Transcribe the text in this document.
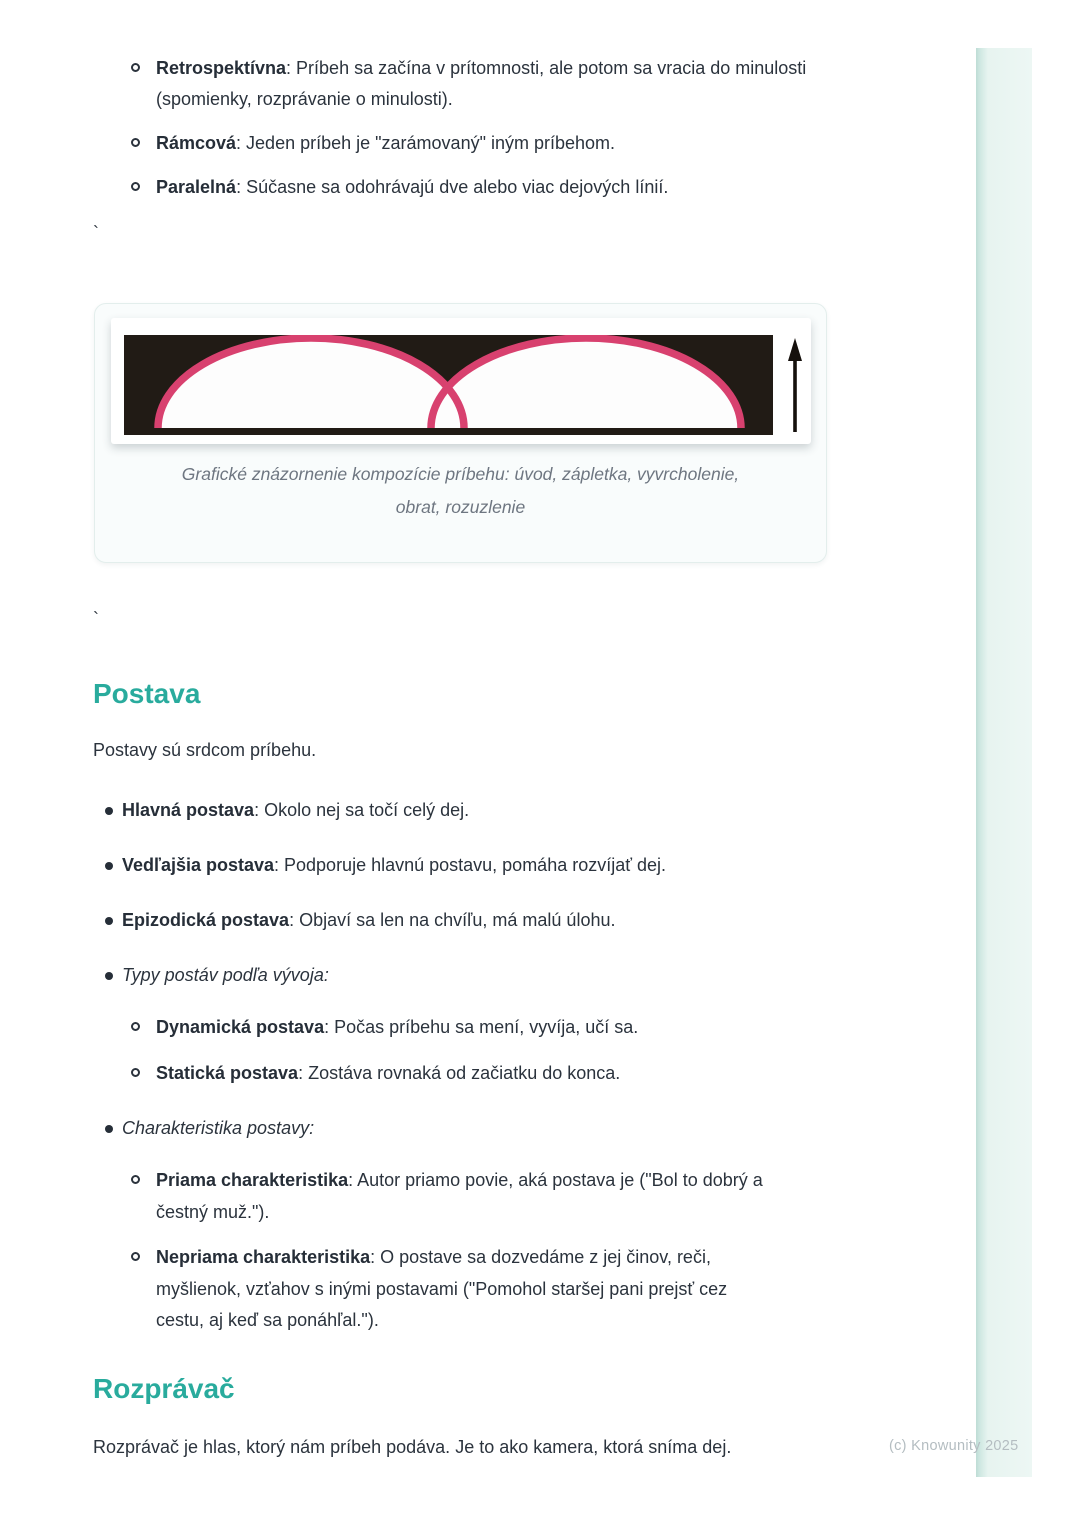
Retrospektívna: Príbeh sa začína v prítomnosti, ale potom sa vracia do minulosti (spomienky, rozprávanie o minulosti).
Rámcová: Jeden príbeh je "zarámovaný" iným príbehom.
Paralelná: Súčasne sa odohrávajú dve alebo viac dejových línií.
`
Grafické znázornenie kompozície príbehu: úvod, zápletka, vyvrcholenie, obrat, rozuzlenie
`
Postava

Postavy sú srdcom príbehu.

Hlavná postava: Okolo nej sa točí celý dej.
Vedľajšia postava: Podporuje hlavnú postavu, pomáha rozvíjať dej.
Epizodická postava: Objaví sa len na chvíľu, má malú úlohu.
Typy postáv podľa vývoja:
Dynamická postava: Počas príbehu sa mení, vyvíja, učí sa.
Statická postava: Zostáva rovnaká od začiatku do konca.
Charakteristika postavy:
Priama charakteristika: Autor priamo povie, aká postava je ("Bol to dobrý a čestný muž.").
Nepriama charakteristika: O postave sa dozvedáme z jej činov, reči, myšlienok, vzťahov s inými postavami ("Pomohol staršej pani prejsť cez cestu, aj keď sa ponáhľal.").
Rozprávač

Rozprávač je hlas, ktorý nám príbeh podáva. Je to ako kamera, ktorá sníma dej.	(c) Knowunity 2025
